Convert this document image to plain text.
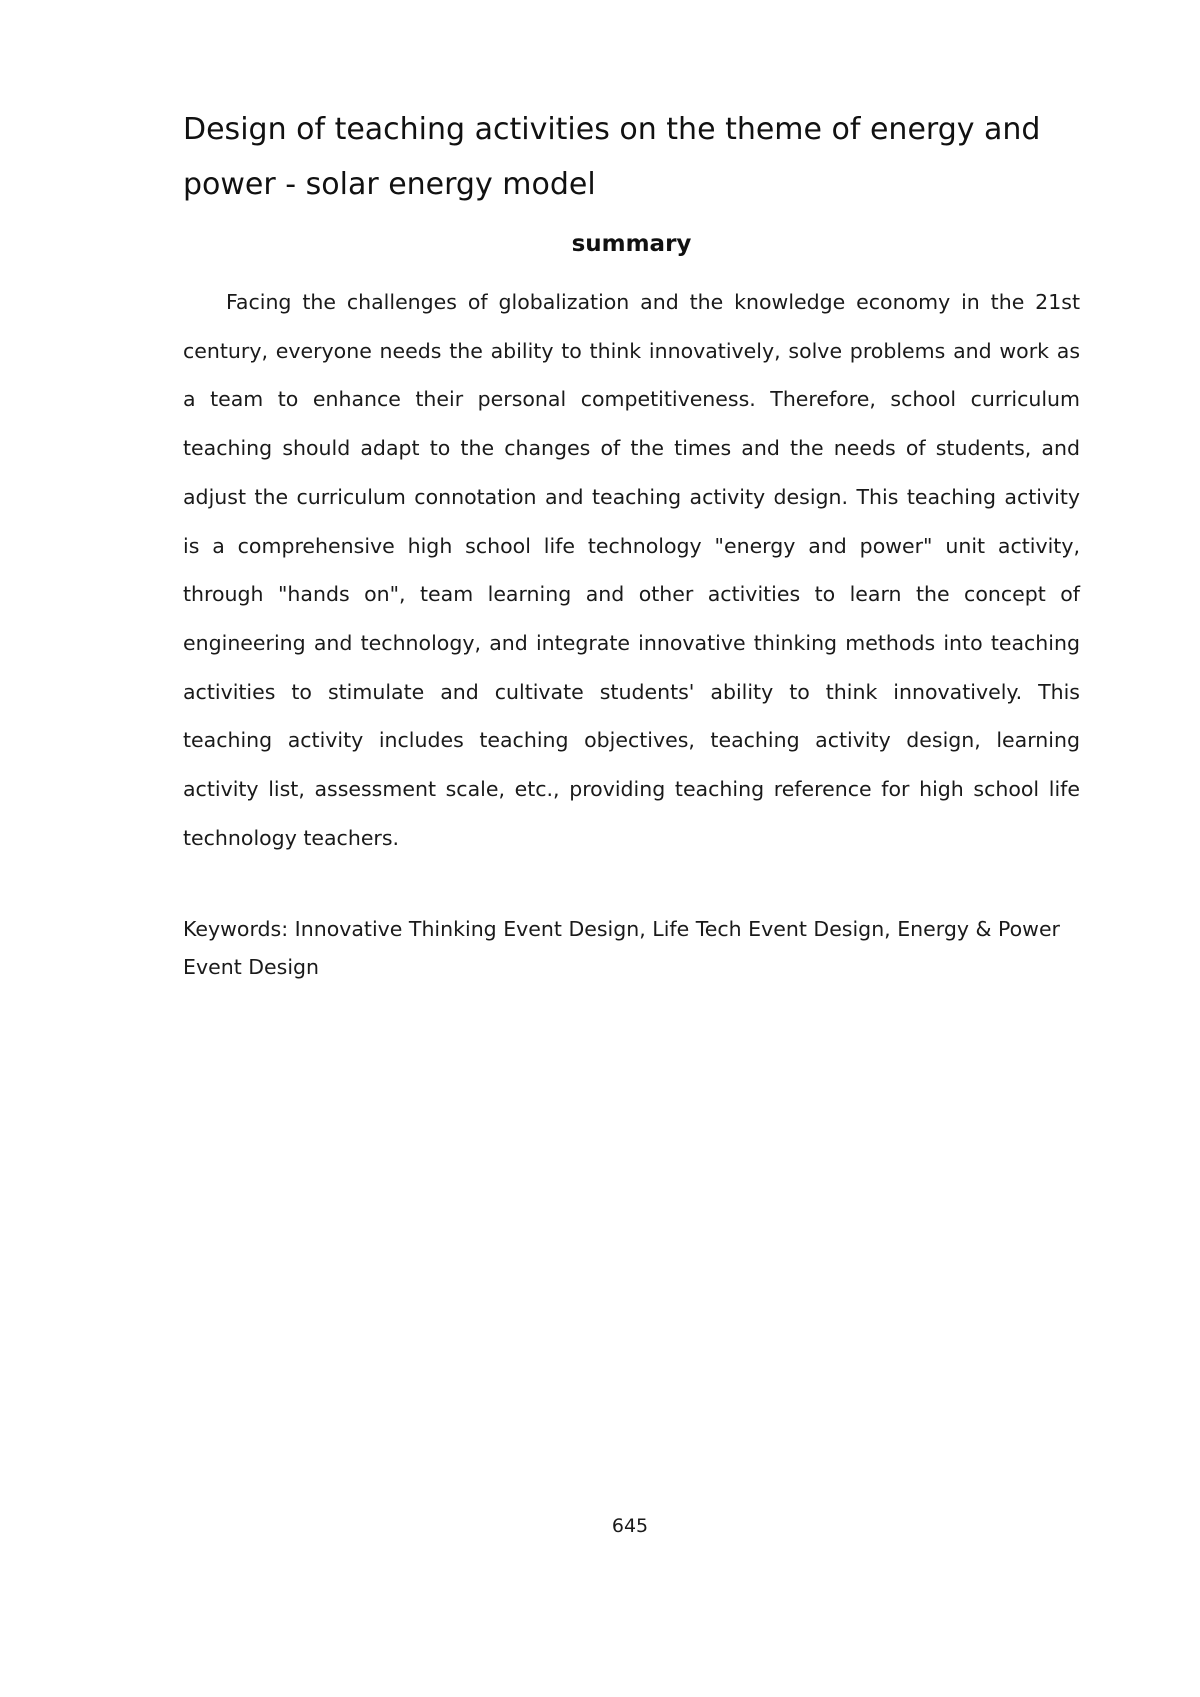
Design of teaching activities on the theme of energy and power - solar energy model
summary

Facing the challenges of globalization and the knowledge economy in the 21st century, everyone needs the ability to think innovatively, solve problems and work as a team to enhance their personal competitiveness. Therefore, school curriculum teaching should adapt to the changes of the times and the needs of students, and adjust the curriculum connotation and teaching activity design. This teaching activity is a comprehensive high school life technology "energy and power" unit activity, through "hands on", team learning and other activities to learn the concept of engineering and technology, and integrate innovative thinking methods into teaching activities to stimulate and cultivate students' ability to think innovatively. This teaching activity includes teaching objectives, teaching activity design, learning activity list, assessment scale, etc., providing teaching reference for high school life technology teachers.

Keywords: Innovative Thinking Event Design, Life Tech Event Design, Energy & Power Event Design

645
